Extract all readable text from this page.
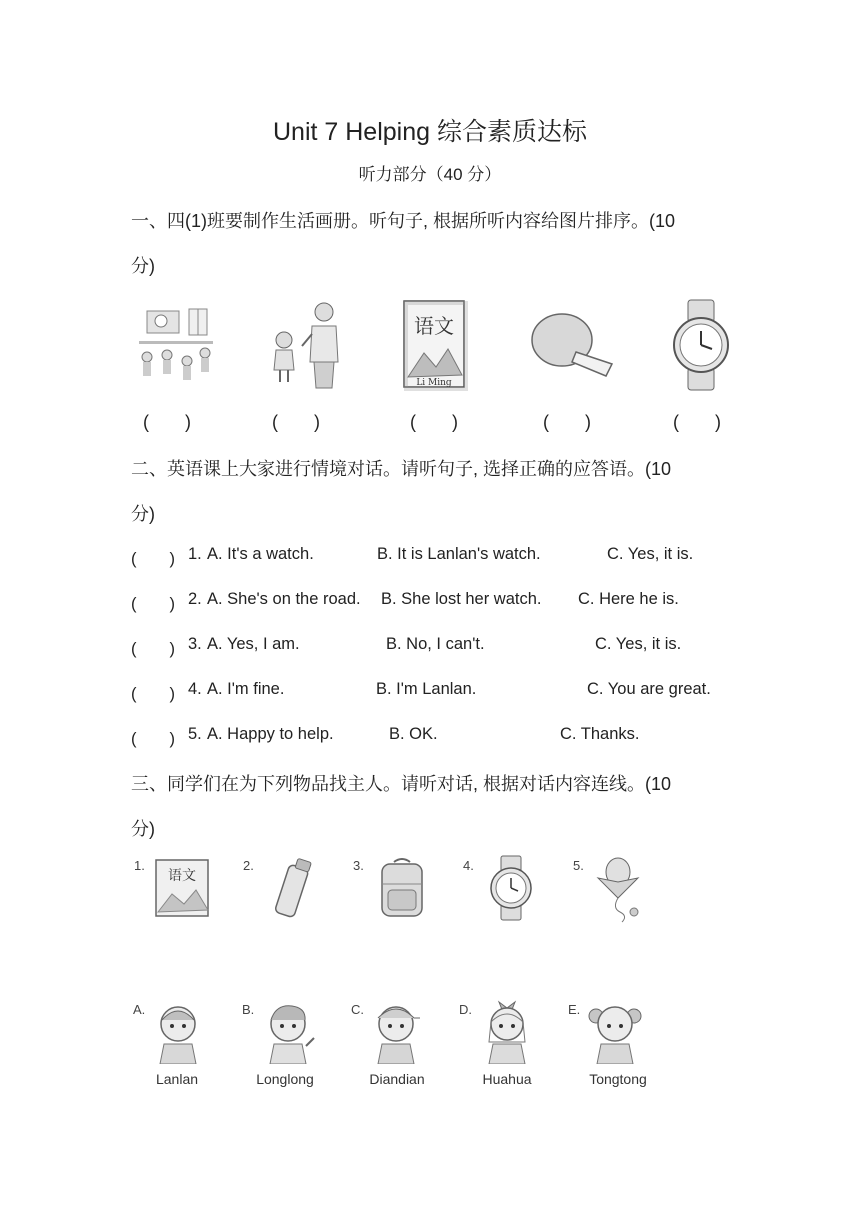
Unit 7 Helping 综合素质达标
听力部分（40 分）
一、四(1)班要制作生活画册。听句子, 根据所听内容给图片排序。(10
分)
语文
Li Ming
(　　)	(　　)	(　　)	(　　)	(　　)
二、英语课上大家进行情境对话。请听句子, 选择正确的应答语。(10
分)
(　　) 1. A. It's a watch.	B. It is Lanlan's watch.	C. Yes, it is.
(　　) 2. A. She's on the road. B. She lost her watch. C. Here he is.
(　　) 3. A. Yes, I am.	B. No, I can't.	C. Yes, it is.
(　　) 4. A. I'm fine.	B. I'm Lanlan.	C. You are great.
(　　) 5. A. Happy to help.	B. OK.	C. Thanks.
三、同学们在为下列物品找主人。请听对话, 根据对话内容连线。(10
分)
1.	2.	3.	4.	5.
语文
A.	B.	C.	D.	E.
Lanlan	Longlong	Diandian	Huahua	Tongtong
